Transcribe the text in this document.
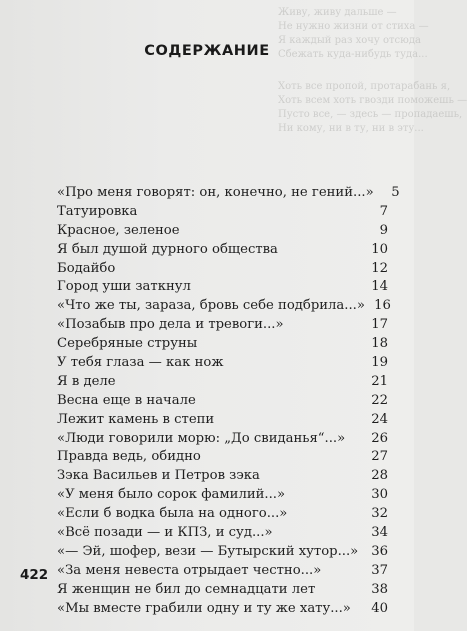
Живу, живу дальше —
Не нужно жизни от стиха —
Я каждый раз хочу отсюда
Сбежать куда-нибудь туда...
Хоть все пропой, протарабань я,
Хоть всем хоть гвозди поможешь —
Пусто все, — здесь — пропадаешь,
Ни кому, ни в ту, ни в эту...
СОДЕРЖАНИЕ
«Про меня говорят: он, конечно, не гений...»	5
Татуировка	7
Красное, зеленое	9
Я был душой дурного общества	10
Бодайбо	12
Город уши заткнул	14
«Что же ты, зараза, бровь себе подбрила...» 16
«Позабыв про дела и тревоги...»	17
Серебряные струны	18
У тебя глаза — как нож	19
Я в деле	21
Весна еще в начале	22
Лежит камень в степи	24
«Люди говорили морю: „До свиданья“...»	26
Правда ведь, обидно	27
Зэка Васильев и Петров зэка	28
«У меня было сорок фамилий...»	30
«Если б водка была на одного...»	32
«Всё позади — и КПЗ, и суд...»	34
«— Эй, шофер, вези — Бутырский хутор...» 36
«За меня невеста отрыдает честно...»	37
Я женщин не бил до семнадцати лет	38
«Мы вместе грабили одну и ту же хату...»	40
422
